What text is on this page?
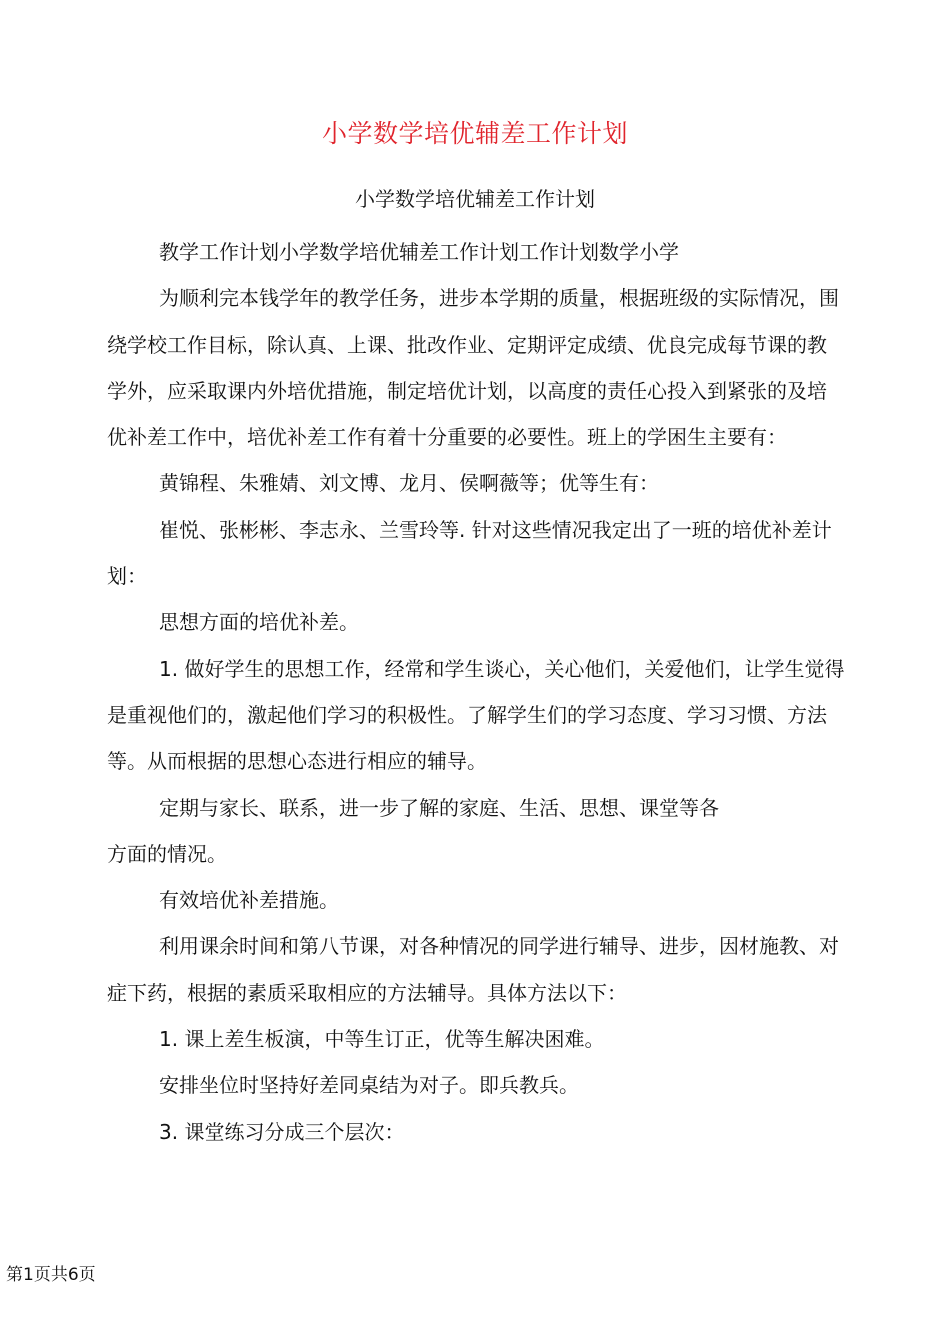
小学数学培优辅差工作计划
小学数学培优辅差工作计划

教学工作计划小学数学培优辅差工作计划工作计划数学小学

为顺利完本钱学年的教学任务，进步本学期的质量，根据班级的实际情况，围绕学校工作目标，除认真、上课、批改作业、定期评定成绩、优良完成每节课的教学外，应采取课内外培优措施，制定培优计划，以高度的责任心投入到紧张的及培优补差工作中，培优补差工作有着十分重要的必要性。班上的学困生主要有：

黄锦程、朱雅婧、刘文博、龙月、侯啊薇等；优等生有：

崔悦、张彬彬、李志永、兰雪玲等. 针对这些情况我定出了一班的培优补差计划：

思想方面的培优补差。

1. 做好学生的思想工作，经常和学生谈心，关心他们，关爱他们，让学生觉得是重视他们的，激起他们学习的积极性。了解学生们的学习态度、学习习惯、方法等。从而根据的思想心态进行相应的辅导。

定期与家长、联系，进一步了解的家庭、生活、思想、课堂等各

方面的情况。

有效培优补差措施。

利用课余时间和第八节课，对各种情况的同学进行辅导、进步，因材施教、对症下药，根据的素质采取相应的方法辅导。具体方法以下：

1. 课上差生板演，中等生订正，优等生解决困难。

安排坐位时坚持好差同桌结为对子。即兵教兵。

3. 课堂练习分成三个层次：

第1页共6页
